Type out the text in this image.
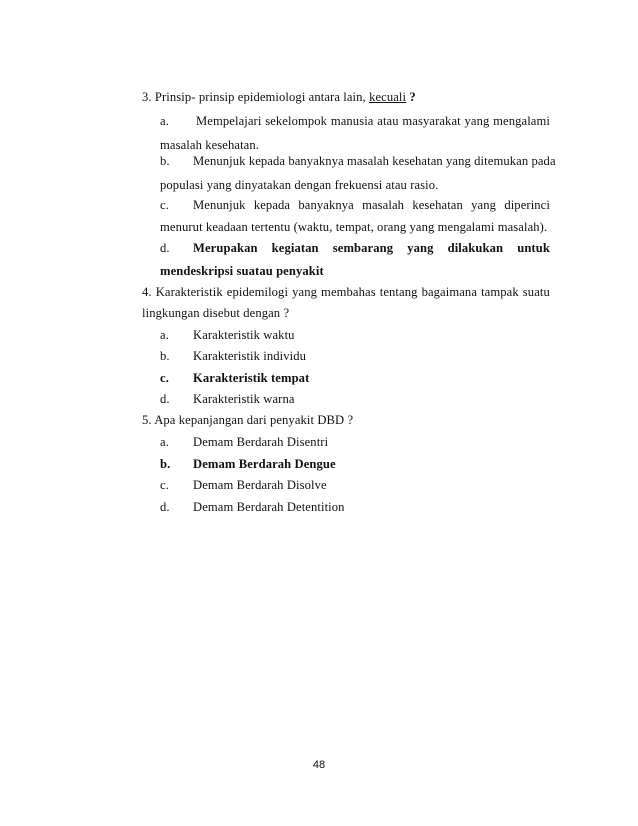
3. Prinsip- prinsip epidemiologi antara lain, kecuali ?
a. Mempelajari sekelompok manusia atau masyarakat yang mengalami
masalah kesehatan.
b. Menunjuk kepada banyaknya masalah kesehatan yang ditemukan pada
populasi yang dinyatakan dengan frekuensi atau rasio.
c. Menunjuk kepada banyaknya masalah kesehatan yang diperinci
menurut keadaan tertentu (waktu, tempat, orang yang mengalami masalah).
d. Merupakan kegiatan sembarang yang dilakukan untuk
mendeskripsi suatau penyakit
4. Karakteristik epidemilogi yang membahas tentang bagaimana tampak suatu
lingkungan disebut dengan ?
a. Karakteristik waktu
b. Karakteristik individu
c. Karakteristik tempat
d. Karakteristik warna
5. Apa kepanjangan dari penyakit DBD ?
a. Demam Berdarah Disentri
b. Demam Berdarah Dengue
c. Demam Berdarah Disolve
d. Demam Berdarah Detentition
48
